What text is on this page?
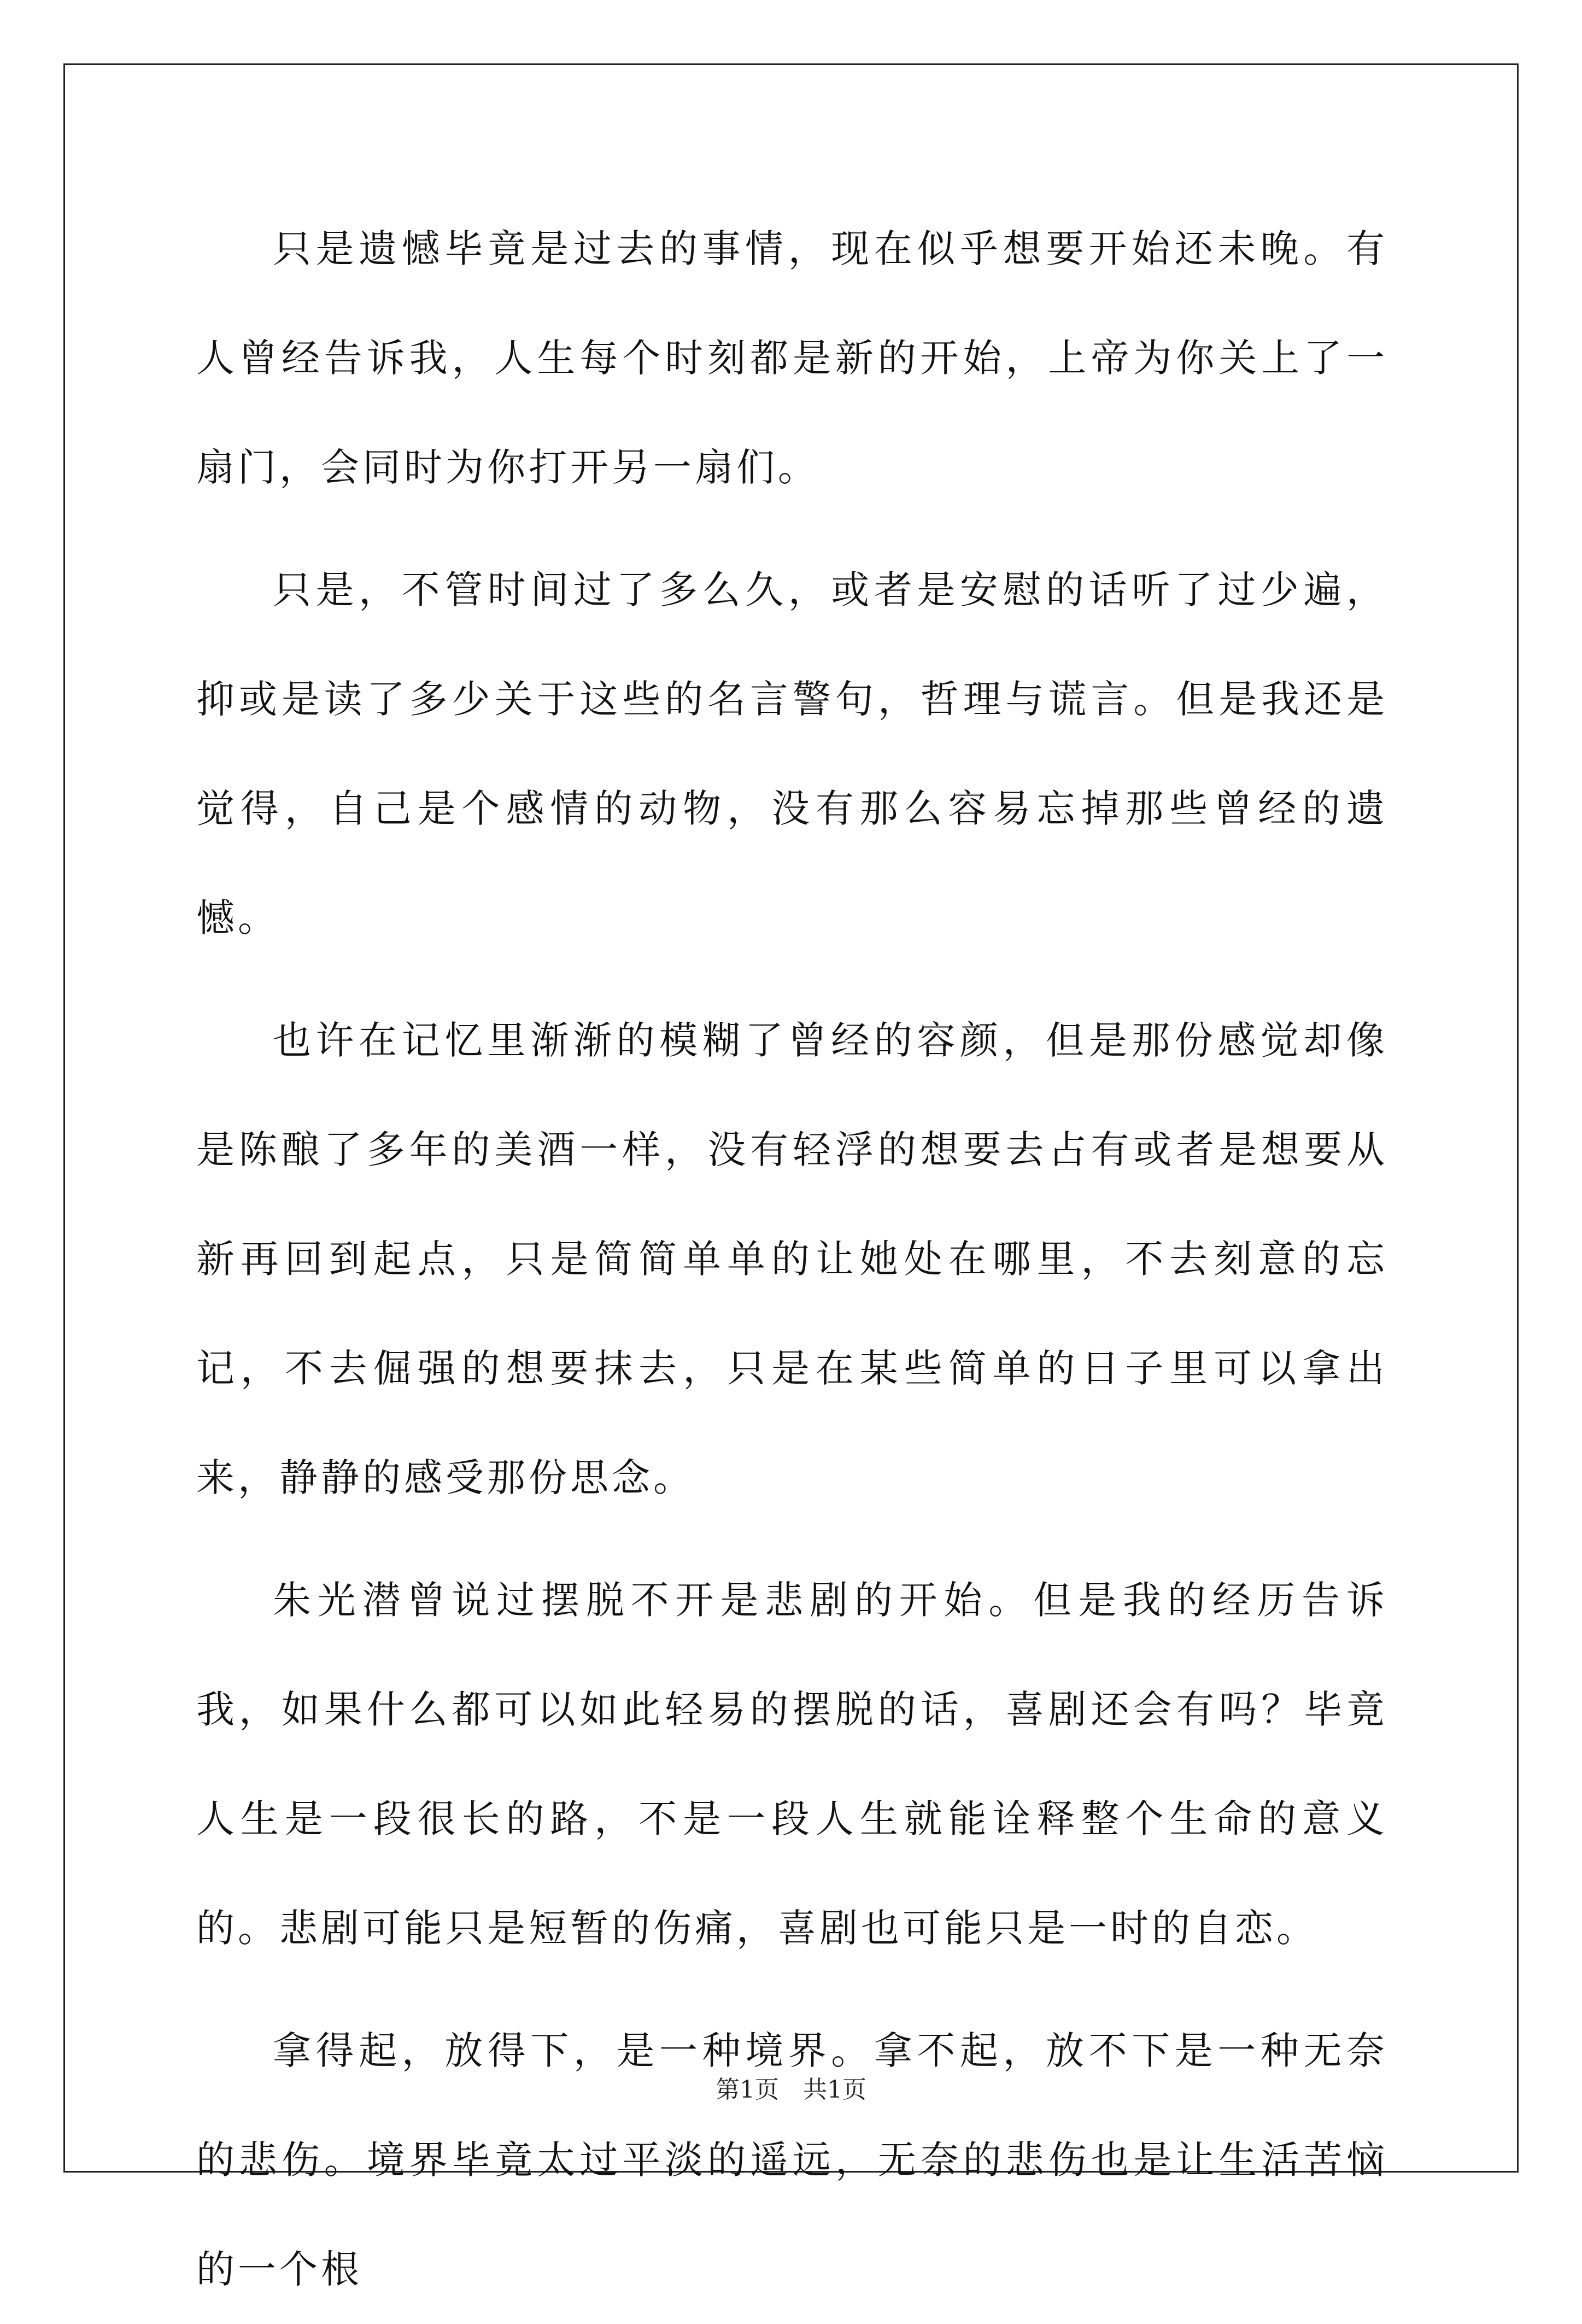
只是遗憾毕竟是过去的事情，现在似乎想要开始还未晚。有人曾经告诉我，人生每个时刻都是新的开始，上帝为你关上了一扇门，会同时为你打开另一扇们。

只是，不管时间过了多么久，或者是安慰的话听了过少遍，抑或是读了多少关于这些的名言警句，哲理与谎言。但是我还是觉得，自己是个感情的动物，没有那么容易忘掉那些曾经的遗憾。

也许在记忆里渐渐的模糊了曾经的容颜，但是那份感觉却像是陈酿了多年的美酒一样，没有轻浮的想要去占有或者是想要从新再回到起点，只是简简单单的让她处在哪里，不去刻意的忘记，不去倔强的想要抹去，只是在某些简单的日子里可以拿出来，静静的感受那份思念。

朱光潜曾说过摆脱不开是悲剧的开始。但是我的经历告诉我，如果什么都可以如此轻易的摆脱的话，喜剧还会有吗？毕竟人生是一段很长的路，不是一段人生就能诠释整个生命的意义的。悲剧可能只是短暂的伤痛，喜剧也可能只是一时的自恋。

拿得起，放得下，是一种境界。拿不起，放不下是一种无奈的悲伤。境界毕竟太过平淡的遥远，无奈的悲伤也是让生活苦恼的一个根

第1页　共1页
